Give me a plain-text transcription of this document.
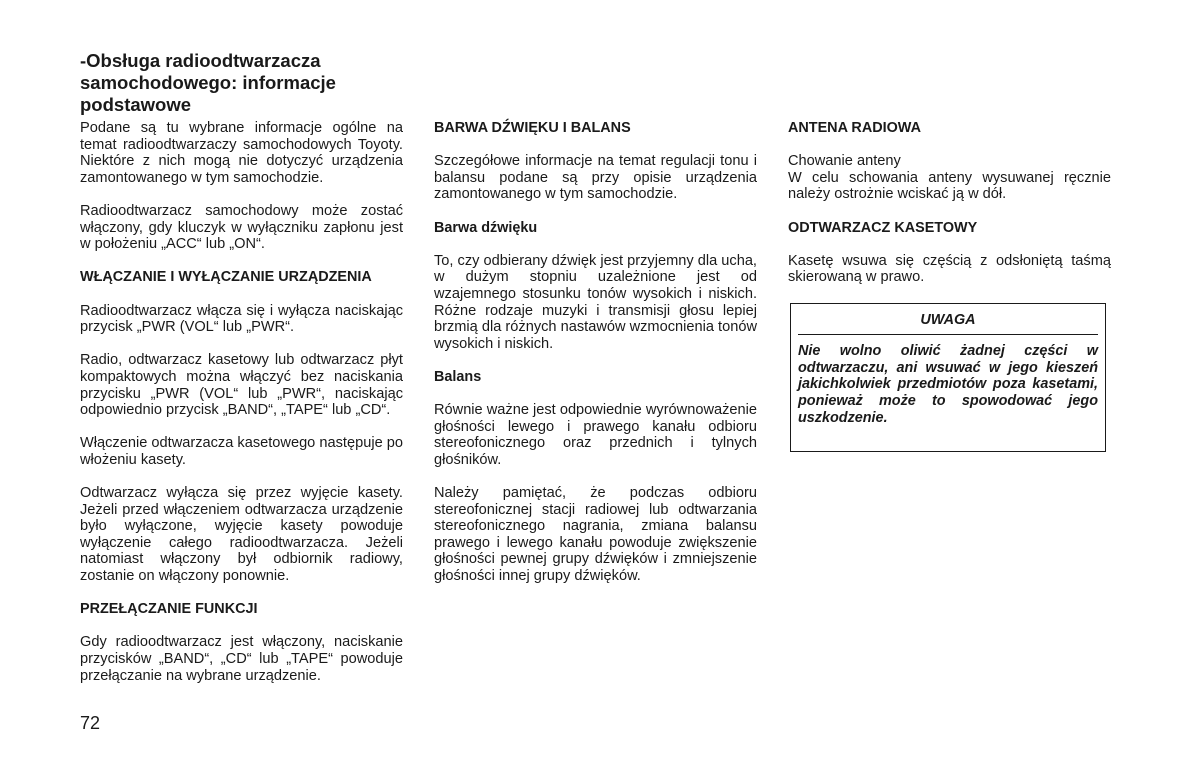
-Obsługa radioodtwarzacza samochodowego: informacje podstawowe

Podane są tu wybrane informacje ogólne na temat radioodtwarzaczy samochodowych Toyoty. Niektóre z nich mogą nie dotyczyć urządzenia zamontowanego w tym samochodzie.

Radioodtwarzacz samochodowy może zostać włączony, gdy kluczyk w wyłączniku zapłonu jest w położeniu „ACC“ lub „ON“.

WŁĄCZANIE I WYŁĄCZANIE URZĄDZENIA

Radioodtwarzacz włącza się i wyłącza naciskając przycisk „PWR (VOL“ lub „PWR“.

Radio, odtwarzacz kasetowy lub odtwarzacz płyt kompaktowych można włączyć bez naciskania przycisku „PWR (VOL“ lub „PWR“, naciskając odpowiednio przycisk „BAND“, „TAPE“ lub „CD“.

Włączenie odtwarzacza kasetowego następuje po włożeniu kasety.

Odtwarzacz wyłącza się przez wyjęcie kasety. Jeżeli przed włączeniem odtwarzacza urządzenie było wyłączone, wyjęcie kasety powoduje wyłączenie całego radioodtwarzacza. Jeżeli natomiast włączony był odbiornik radiowy, zostanie on włączony ponownie.

PRZEŁĄCZANIE FUNKCJI

Gdy radioodtwarzacz jest włączony, naciskanie przycisków „BAND“, „CD“ lub „TAPE“ powoduje przełączanie na wybrane urządzenie.

BARWA DŹWIĘKU I BALANS

Szczegółowe informacje na temat regulacji tonu i balansu podane są przy opisie urządzenia zamontowanego w tym samochodzie.

Barwa dźwięku

To, czy odbierany dźwięk jest przyjemny dla ucha, w dużym stopniu uzależnione jest od wzajemnego stosunku tonów wysokich i niskich. Różne rodzaje muzyki i transmisji głosu lepiej brzmią dla różnych nastawów wzmocnienia tonów wysokich i niskich.

Balans

Równie ważne jest odpowiednie wyrównoważenie głośności lewego i prawego kanału odbioru stereofonicznego oraz przednich i tylnych głośników.

Należy pamiętać, że podczas odbioru stereofonicznej stacji radiowej lub odtwarzania stereofonicznego nagrania, zmiana balansu prawego i lewego kanału powoduje zwiększenie głośności pewnej grupy dźwięków i zmniejszenie głośności innej grupy dźwięków.

ANTENA RADIOWA

Chowanie anteny

W celu schowania anteny wysuwanej ręcznie należy ostrożnie wciskać ją w dół.

ODTWARZACZ KASETOWY

Kasetę wsuwa się częścią z odsłoniętą taśmą skierowaną w prawo.

UWAGA

Nie wolno oliwić żadnej części w odtwarzaczu, ani wsuwać w jego kieszeń jakichkolwiek przedmiotów poza kasetami, ponieważ może to spowodować jego uszkodzenie.

72
